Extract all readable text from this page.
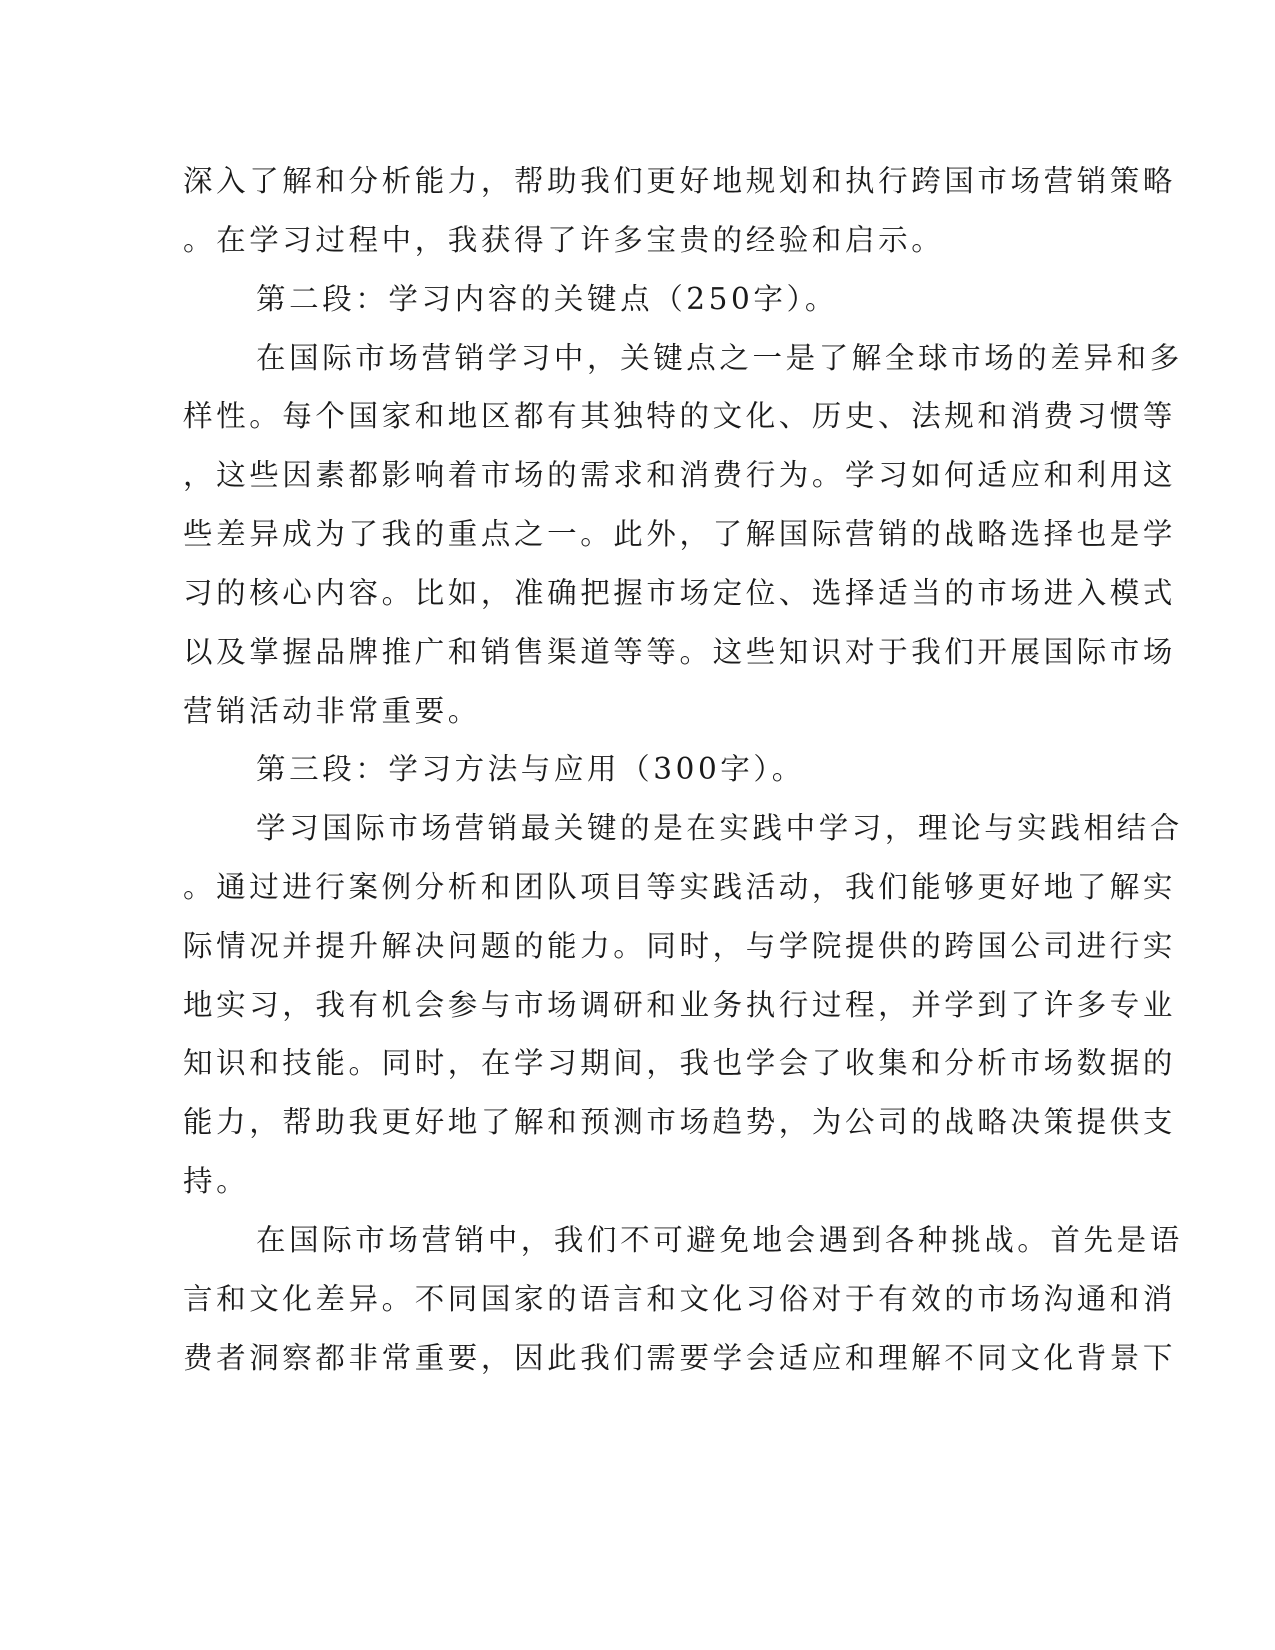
深入了解和分析能力，帮助我们更好地规划和执行跨国市场营销策略

。在学习过程中，我获得了许多宝贵的经验和启示。

第二段：学习内容的关键点（250字）。

在国际市场营销学习中，关键点之一是了解全球市场的差异和多

样性。每个国家和地区都有其独特的文化、历史、法规和消费习惯等

，这些因素都影响着市场的需求和消费行为。学习如何适应和利用这

些差异成为了我的重点之一。此外，了解国际营销的战略选择也是学

习的核心内容。比如，准确把握市场定位、选择适当的市场进入模式

以及掌握品牌推广和销售渠道等等。这些知识对于我们开展国际市场

营销活动非常重要。

第三段：学习方法与应用（300字）。

学习国际市场营销最关键的是在实践中学习，理论与实践相结合

。通过进行案例分析和团队项目等实践活动，我们能够更好地了解实

际情况并提升解决问题的能力。同时，与学院提供的跨国公司进行实

地实习，我有机会参与市场调研和业务执行过程，并学到了许多专业

知识和技能。同时，在学习期间，我也学会了收集和分析市场数据的

能力，帮助我更好地了解和预测市场趋势，为公司的战略决策提供支

持。

在国际市场营销中，我们不可避免地会遇到各种挑战。首先是语

言和文化差异。不同国家的语言和文化习俗对于有效的市场沟通和消

费者洞察都非常重要，因此我们需要学会适应和理解不同文化背景下
